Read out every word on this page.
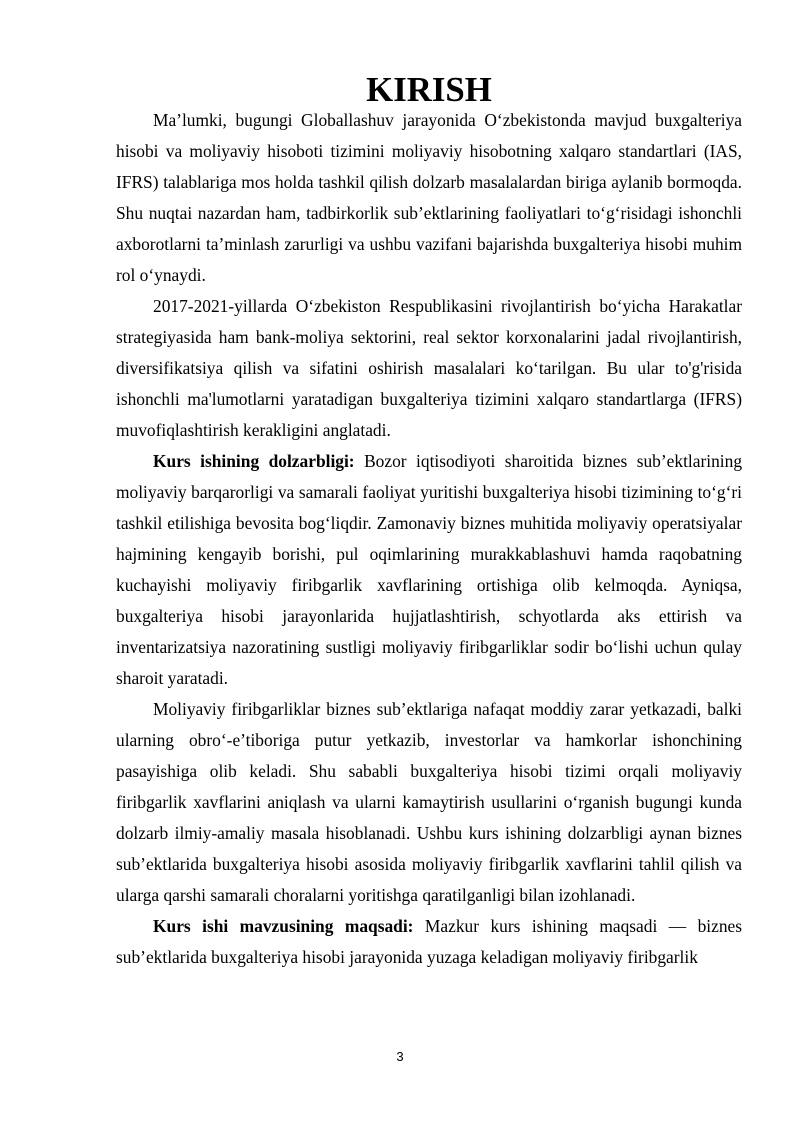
KIRISH

Ma’lumki, bugungi Globallashuv jarayonida O‘zbekistonda mavjud buxgalteriya hisobi va moliyaviy hisoboti tizimini moliyaviy hisobotning xalqaro standartlari (IAS, IFRS) talablariga mos holda tashkil qilish dolzarb masalalardan biriga aylanib bormoqda. Shu nuqtai nazardan ham, tadbirkorlik sub’ektlarining faoliyatlari to‘g‘risidagi ishonchli axborotlarni ta’minlash zarurligi va ushbu vazifani bajarishda buxgalteriya hisobi muhim rol o‘ynaydi.

2017-2021-yillarda O‘zbekiston Respublikasini rivojlantirish bo‘yicha Harakatlar strategiyasida ham bank-moliya sektorini, real sektor korxonalarini jadal rivojlantirish, diversifikatsiya qilish va sifatini oshirish masalalari ko‘tarilgan. Bu ular to'g'risida ishonchli ma'lumotlarni yaratadigan buxgalteriya tizimini xalqaro standartlarga (IFRS) muvofiqlashtirish kerakligini anglatadi.

Kurs ishining dolzarbligi: Bozor iqtisodiyoti sharoitida biznes sub’ektlarining moliyaviy barqarorligi va samarali faoliyat yuritishi buxgalteriya hisobi tizimining to‘g‘ri tashkil etilishiga bevosita bog‘liqdir. Zamonaviy biznes muhitida moliyaviy operatsiyalar hajmining kengayib borishi, pul oqimlarining murakkablashuvi hamda raqobatning kuchayishi moliyaviy firibgarlik xavflarining ortishiga olib kelmoqda. Ayniqsa, buxgalteriya hisobi jarayonlarida hujjatlashtirish, schyotlarda aks ettirish va inventarizatsiya nazoratining sustligi moliyaviy firibgarliklar sodir bo‘lishi uchun qulay sharoit yaratadi.

Moliyaviy firibgarliklar biznes sub’ektlariga nafaqat moddiy zarar yetkazadi, balki ularning obro‘-e’tiboriga putur yetkazib, investorlar va hamkorlar ishonchining pasayishiga olib keladi. Shu sababli buxgalteriya hisobi tizimi orqali moliyaviy firibgarlik xavflarini aniqlash va ularni kamaytirish usullarini o‘rganish bugungi kunda dolzarb ilmiy-amaliy masala hisoblanadi. Ushbu kurs ishining dolzarbligi aynan biznes sub’ektlarida buxgalteriya hisobi asosida moliyaviy firibgarlik xavflarini tahlil qilish va ularga qarshi samarali choralarni yoritishga qaratilganligi bilan izohlanadi.

Kurs ishi mavzusining maqsadi: Mazkur kurs ishining maqsadi — biznes sub’ektlarida buxgalteriya hisobi jarayonida yuzaga keladigan moliyaviy firibgarlik

3
